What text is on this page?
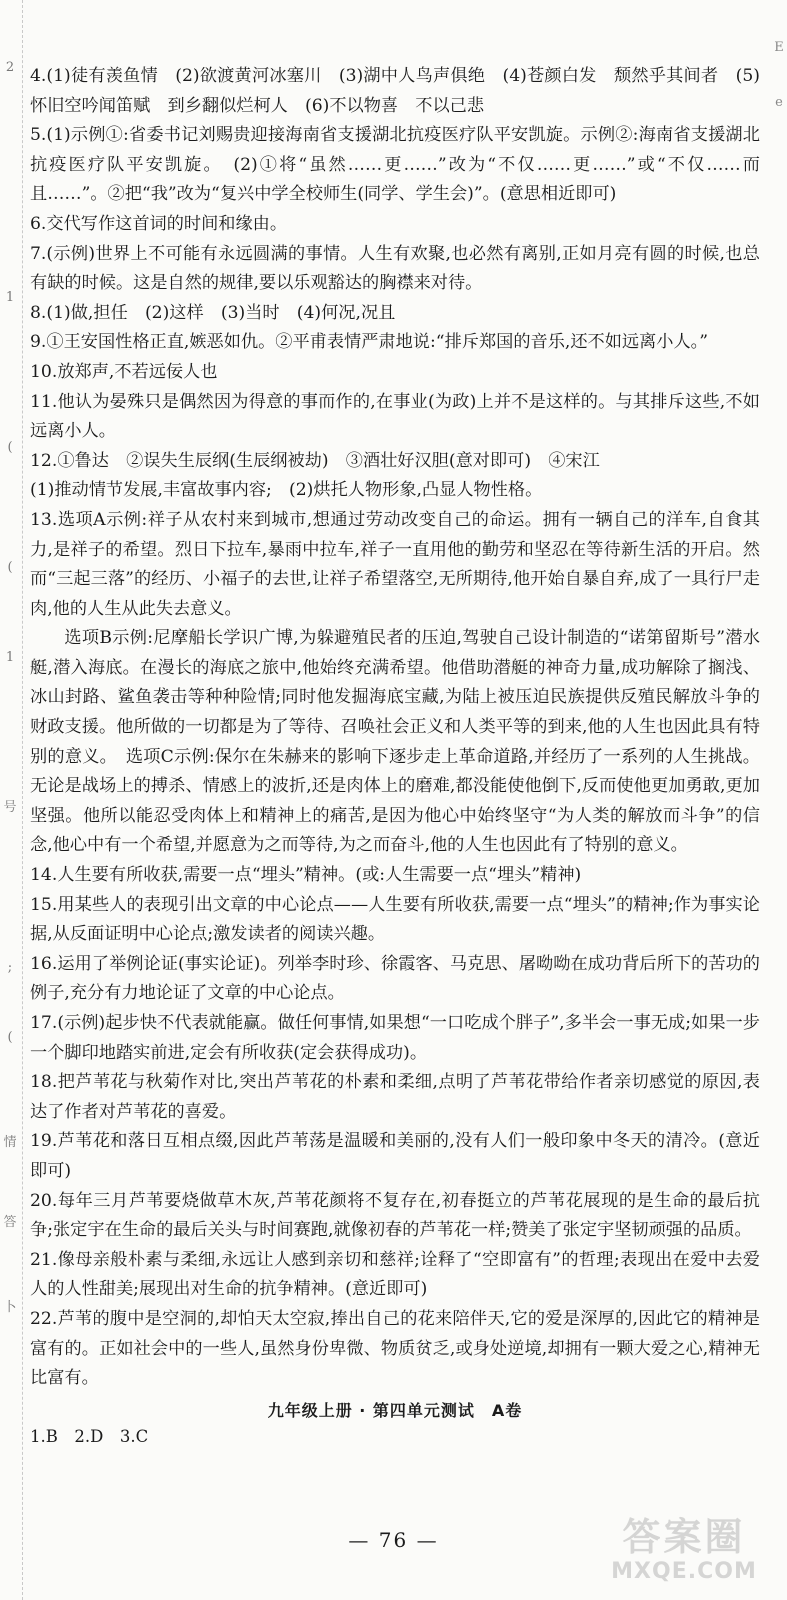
2
1
(
(
1
号
;
(
情
答
卜
E
e

4.(1)徒有羡鱼情　(2)欲渡黄河冰塞川　(3)湖中人鸟声俱绝　(4)苍颜白发　颓然乎其间者　(5)怀旧空吟闻笛赋　到乡翻似烂柯人　(6)不以物喜　不以己悲

5.(1)示例①:省委书记刘赐贵迎接海南省支援湖北抗疫医疗队平安凯旋。示例②:海南省支援湖北抗疫医疗队平安凯旋。　(2)①将“虽然……更……”改为“不仅……更……”或“不仅……而且……”。②把“我”改为“复兴中学全校师生(同学、学生会)”。(意思相近即可)

6.交代写作这首词的时间和缘由。

7.(示例)世界上不可能有永远圆满的事情。人生有欢聚,也必然有离别,正如月亮有圆的时候,也总有缺的时候。这是自然的规律,要以乐观豁达的胸襟来对待。

8.(1)做,担任　(2)这样　(3)当时　(4)何况,况且

9.①王安国性格正直,嫉恶如仇。②平甫表情严肃地说:“排斥郑国的音乐,还不如远离小人。”

10.放郑声,不若远佞人也

11.他认为晏殊只是偶然因为得意的事而作的,在事业(为政)上并不是这样的。与其排斥这些,不如远离小人。

12.①鲁达　②误失生辰纲(生辰纲被劫)　③酒壮好汉胆(意对即可)　④宋江

(1)推动情节发展,丰富故事内容;　(2)烘托人物形象,凸显人物性格。

13.选项A示例:祥子从农村来到城市,想通过劳动改变自己的命运。拥有一辆自己的洋车,自食其力,是祥子的希望。烈日下拉车,暴雨中拉车,祥子一直用他的勤劳和坚忍在等待新生活的开启。然而“三起三落”的经历、小福子的去世,让祥子希望落空,无所期待,他开始自暴自弃,成了一具行尸走肉,他的人生从此失去意义。

选项B示例:尼摩船长学识广博,为躲避殖民者的压迫,驾驶自己设计制造的“诺第留斯号”潜水艇,潜入海底。在漫长的海底之旅中,他始终充满希望。他借助潜艇的神奇力量,成功解除了搁浅、冰山封路、鲨鱼袭击等种种险情;同时他发掘海底宝藏,为陆上被压迫民族提供反殖民解放斗争的财政支援。他所做的一切都是为了等待、召唤社会正义和人类平等的到来,他的人生也因此具有特别的意义。　选项C示例:保尔在朱赫来的影响下逐步走上革命道路,并经历了一系列的人生挑战。无论是战场上的搏杀、情感上的波折,还是肉体上的磨难,都没能使他倒下,反而使他更加勇敢,更加坚强。他所以能忍受肉体上和精神上的痛苦,是因为他心中始终坚守“为人类的解放而斗争”的信念,他心中有一个希望,并愿意为之而等待,为之而奋斗,他的人生也因此有了特别的意义。

14.人生要有所收获,需要一点“埋头”精神。(或:人生需要一点“埋头”精神)

15.用某些人的表现引出文章的中心论点——人生要有所收获,需要一点“埋头”的精神;作为事实论据,从反面证明中心论点;激发读者的阅读兴趣。

16.运用了举例论证(事实论证)。列举李时珍、徐霞客、马克思、屠呦呦在成功背后所下的苦功的例子,充分有力地论证了文章的中心论点。

17.(示例)起步快不代表就能赢。做任何事情,如果想“一口吃成个胖子”,多半会一事无成;如果一步一个脚印地踏实前进,定会有所收获(定会获得成功)。

18.把芦苇花与秋菊作对比,突出芦苇花的朴素和柔细,点明了芦苇花带给作者亲切感觉的原因,表达了作者对芦苇花的喜爱。

19.芦苇花和落日互相点缀,因此芦苇荡是温暖和美丽的,没有人们一般印象中冬天的清冷。(意近即可)

20.每年三月芦苇要烧做草木灰,芦苇花颜将不复存在,初春挺立的芦苇花展现的是生命的最后抗争;张定宇在生命的最后关头与时间赛跑,就像初春的芦苇花一样;赞美了张定宇坚韧顽强的品质。

21.像母亲般朴素与柔细,永远让人感到亲切和慈祥;诠释了“空即富有”的哲理;表现出在爱中去爱人的人性甜美;展现出对生命的抗争精神。(意近即可)

22.芦苇的腹中是空洞的,却怕天太空寂,捧出自己的花来陪伴天,它的爱是深厚的,因此它的精神是富有的。正如社会中的一些人,虽然身份卑微、物质贫乏,或身处逆境,却拥有一颗大爱之心,精神无比富有。

九年级上册 · 第四单元测试　A卷

1.B　2.D　3.C

— 76 —	答案圈
MXQE.COM
